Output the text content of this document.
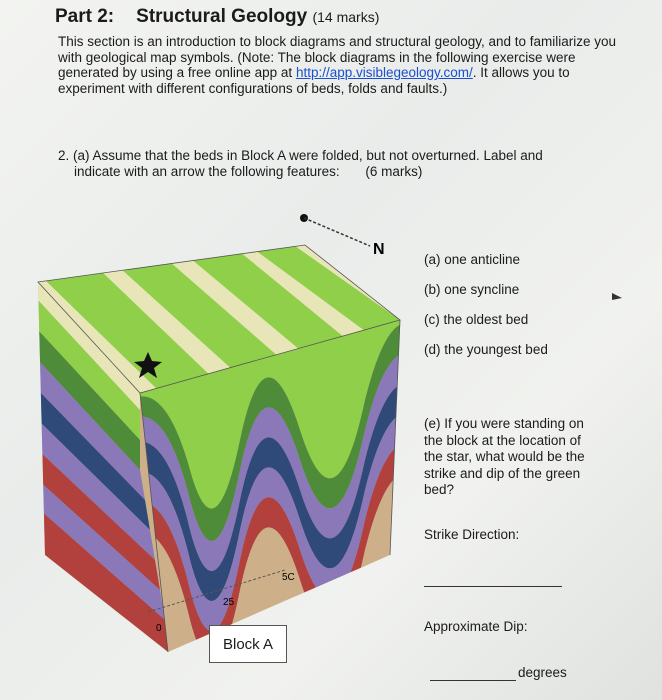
Part 2: Structural Geology (14 marks)
This section is an introduction to block diagrams and structural geology, and to familiarize you with geological map symbols. (Note: The block diagrams in the following exercise were generated by using a free online app at http://app.visiblegeology.com/. It allows you to experiment with different configurations of beds, folds and faults.)
2. (a) Assume that the beds in Block A were folded, but not overturned. Label and
indicate with an arrow the following features: (6 marks)
N
0
25
5C
(a) one anticline
(b) one syncline
(c) the oldest bed
(d) the youngest bed
(e) If you were standing on the block at the location of the star, what would be the strike and dip of the green bed?
Strike Direction:
Approximate Dip:
degrees
Block A
